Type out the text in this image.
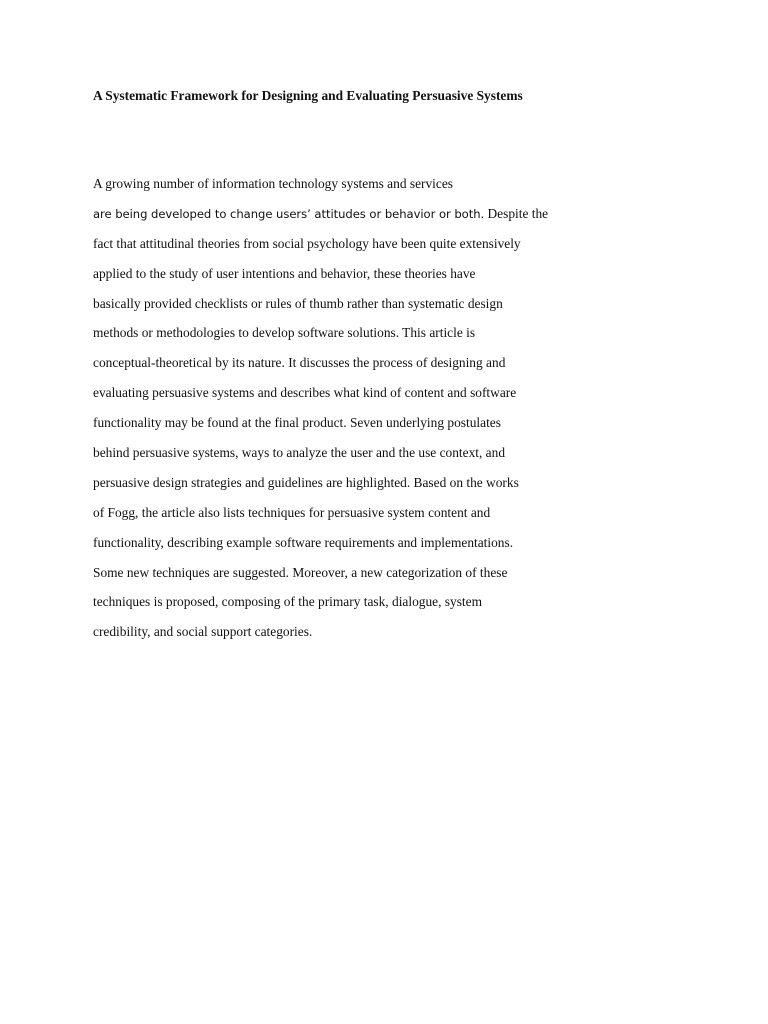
A Systematic Framework for Designing and Evaluating Persuasive Systems
A growing number of information technology systems and services
are being developed to change users’ attitudes or behavior or both. Despite the
fact that attitudinal theories from social psychology have been quite extensively
applied to the study of user intentions and behavior, these theories have
basically provided checklists or rules of thumb rather than systematic design
methods or methodologies to develop software solutions. This article is
conceptual-theoretical by its nature. It discusses the process of designing and
evaluating persuasive systems and describes what kind of content and software
functionality may be found at the final product. Seven underlying postulates
behind persuasive systems, ways to analyze the user and the use context, and
persuasive design strategies and guidelines are highlighted. Based on the works
of Fogg, the article also lists techniques for persuasive system content and
functionality, describing example software requirements and implementations.
Some new techniques are suggested. Moreover, a new categorization of these
techniques is proposed, composing of the primary task, dialogue, system
credibility, and social support categories.
